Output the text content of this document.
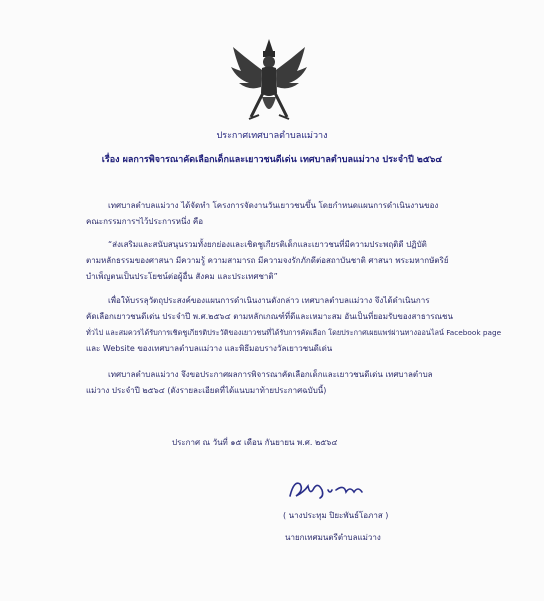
ประกาศเทศบาลตำบลแม่วาง
เรื่อง ผลการพิจารณาคัดเลือกเด็กและเยาวชนดีเด่น เทศบาลตำบลแม่วาง ประจำปี ๒๕๖๔
เทศบาลตำบลแม่วาง ได้จัดทำ โครงการจัดงานวันเยาวชนขึ้น โดยกำหนดแผนการดำเนินงานของ
คณะกรรมการฯไว้ประการหนึ่ง คือ
“ส่งเสริมและสนับสนุนรวมทั้งยกย่องและเชิดชูเกียรติเด็กและเยาวชนที่มีความประพฤติดี ปฏิบัติ
ตามหลักธรรมของศาสนา มีความรู้ ความสามารถ มีความจงรักภักดีต่อสถาบันชาติ ศาสนา พระมหากษัตริย์
บำเพ็ญตนเป็นประโยชน์ต่อผู้อื่น สังคม และประเทศชาติ”
เพื่อให้บรรลุวัตถุประสงค์ของแผนการดำเนินงานดังกล่าว เทศบาลตำบลแม่วาง จึงได้ดำเนินการ
คัดเลือกเยาวชนดีเด่น ประจำปี พ.ศ.๒๕๖๔ ตามหลักเกณฑ์ที่ดีและเหมาะสม อันเป็นที่ยอมรับของสาธารณชน
ทั่วไป และสมควรได้รับการเชิดชูเกียรติประวัติของเยาวชนที่ได้รับการคัดเลือก โดยประกาศเผยแพร่ผ่านทางออนไลน์ Facebook page
และ Website ของเทศบาลตำบลแม่วาง และพิธีมอบรางวัลเยาวชนดีเด่น
เทศบาลตำบลแม่วาง จึงขอประกาศผลการพิจารณาคัดเลือกเด็กและเยาวชนดีเด่น เทศบาลตำบล
แม่วาง ประจำปี ๒๕๖๔ (ดังรายละเอียดที่ได้แนบมาท้ายประกาศฉบับนี้)
ประกาศ ณ วันที่ ๑๕ เดือน กันยายน พ.ศ. ๒๕๖๔
( นางประทุม ปิยะพันธ์โอภาส )
นายกเทศมนตรีตำบลแม่วาง
